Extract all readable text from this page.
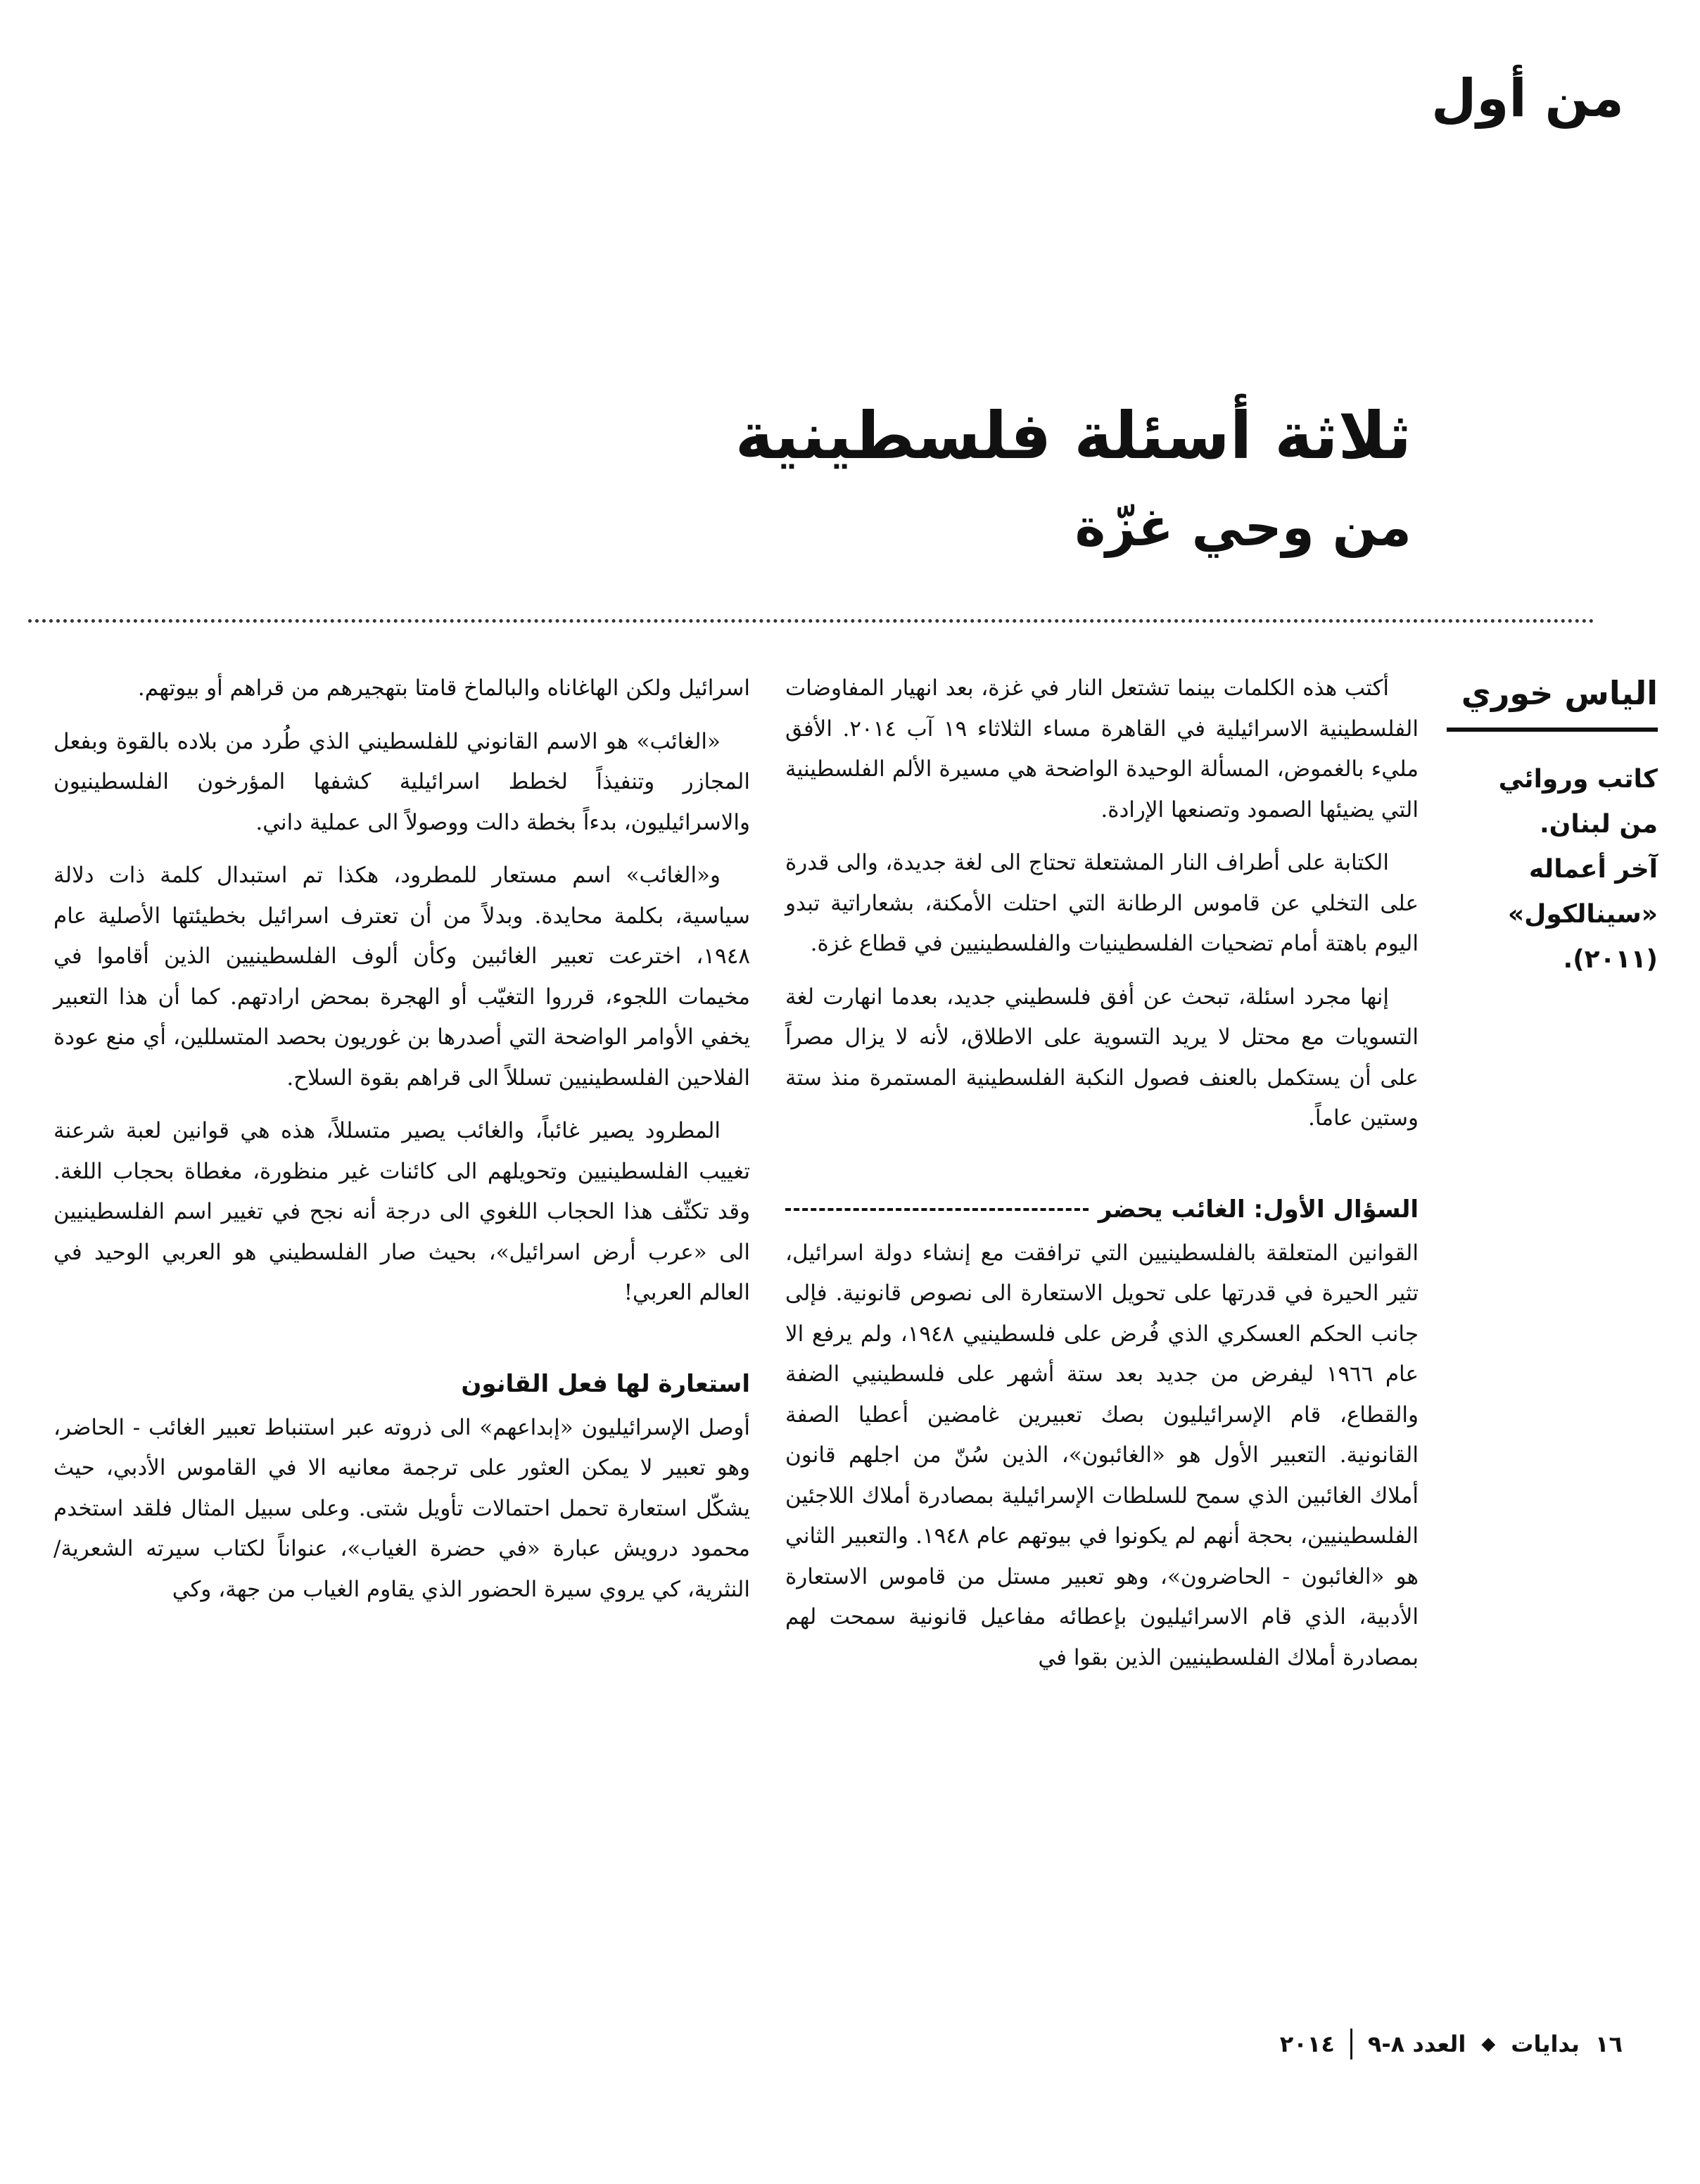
من أول
ثلاثة أسئلة فلسطينية
من وحي غزّة
الياس خوري
كاتب وروائي
من لبنان.
آخر أعماله
«سينالكول»
(٢٠١١).

أكتب هذه الكلمات بينما تشتعل النار في غزة، بعد انهيار المفاوضات الفلسطينية الاسرائيلية في القاهرة مساء الثلاثاء ١٩ آب ٢٠١٤. الأفق مليء بالغموض، المسألة الوحيدة الواضحة هي مسيرة الألم الفلسطينية التي يضيئها الصمود وتصنعها الإرادة.

الكتابة على أطراف النار المشتعلة تحتاج الى لغة جديدة، والى قدرة على التخلي عن قاموس الرطانة التي احتلت الأمكنة، بشعاراتية تبدو اليوم باهتة أمام تضحيات الفلسطينيات والفلسطينيين في قطاع غزة.

إنها مجرد اسئلة، تبحث عن أفق فلسطيني جديد، بعدما انهارت لغة التسويات مع محتل لا يريد التسوية على الاطلاق، لأنه لا يزال مصراً على أن يستكمل بالعنف فصول النكبة الفلسطينية المستمرة منذ ستة وستين عاماً.

السؤال الأول: الغائب يحضر

القوانين المتعلقة بالفلسطينيين التي ترافقت مع إنشاء دولة اسرائيل، تثير الحيرة في قدرتها على تحويل الاستعارة الى نصوص قانونية. فإلى جانب الحكم العسكري الذي فُرض على فلسطينيي ١٩٤٨، ولم يرفع الا عام ١٩٦٦ ليفرض من جديد بعد ستة أشهر على فلسطينيي الضفة والقطاع، قام الإسرائيليون بصك تعبيرين غامضين أعطيا الصفة القانونية. التعبير الأول هو «الغائبون»، الذين سُنّ من اجلهم قانون أملاك الغائبين الذي سمح للسلطات الإسرائيلية بمصادرة أملاك اللاجئين الفلسطينيين، بحجة أنهم لم يكونوا في بيوتهم عام ١٩٤٨. والتعبير الثاني هو «الغائبون - الحاضرون»، وهو تعبير مستل من قاموس الاستعارة الأدبية، الذي قام الاسرائيليون بإعطائه مفاعيل قانونية سمحت لهم بمصادرة أملاك الفلسطينيين الذين بقوا في

اسرائيل ولكن الهاغاناه والبالماخ قامتا بتهجيرهم من قراهم أو بيوتهم.

«الغائب» هو الاسم القانوني للفلسطيني الذي طُرد من بلاده بالقوة وبفعل المجازر وتنفيذاً لخطط اسرائيلية كشفها المؤرخون الفلسطينيون والاسرائيليون، بدءاً بخطة دالت ووصولاً الى عملية داني.

و«الغائب» اسم مستعار للمطرود، هكذا تم استبدال كلمة ذات دلالة سياسية، بكلمة محايدة. وبدلاً من أن تعترف اسرائيل بخطيئتها الأصلية عام ١٩٤٨، اخترعت تعبير الغائبين وكأن ألوف الفلسطينيين الذين أقاموا في مخيمات اللجوء، قرروا التغيّب أو الهجرة بمحض ارادتهم. كما أن هذا التعبير يخفي الأوامر الواضحة التي أصدرها بن غوريون بحصد المتسللين، أي منع عودة الفلاحين الفلسطينيين تسللاً الى قراهم بقوة السلاح.

المطرود يصير غائباً، والغائب يصير متسللاً، هذه هي قوانين لعبة شرعنة تغييب الفلسطينيين وتحويلهم الى كائنات غير منظورة، مغطاة بحجاب اللغة. وقد تكثّف هذا الحجاب اللغوي الى درجة أنه نجح في تغيير اسم الفلسطينيين الى «عرب أرض اسرائيل»، بحيث صار الفلسطيني هو العربي الوحيد في العالم العربي!

استعارة لها فعل القانون

أوصل الإسرائيليون «إبداعهم» الى ذروته عبر استنباط تعبير الغائب - الحاضر، وهو تعبير لا يمكن العثور على ترجمة معانيه الا في القاموس الأدبي، حيث يشكّل استعارة تحمل احتمالات تأويل شتى. وعلى سبيل المثال فلقد استخدم محمود درويش عبارة «في حضرة الغياب»، عنواناً لكتاب سيرته الشعرية/النثرية، كي يروي سيرة الحضور الذي يقاوم الغياب من جهة، وكي

١٦
بدايات
◆
العدد ٨-٩
٢٠١٤
